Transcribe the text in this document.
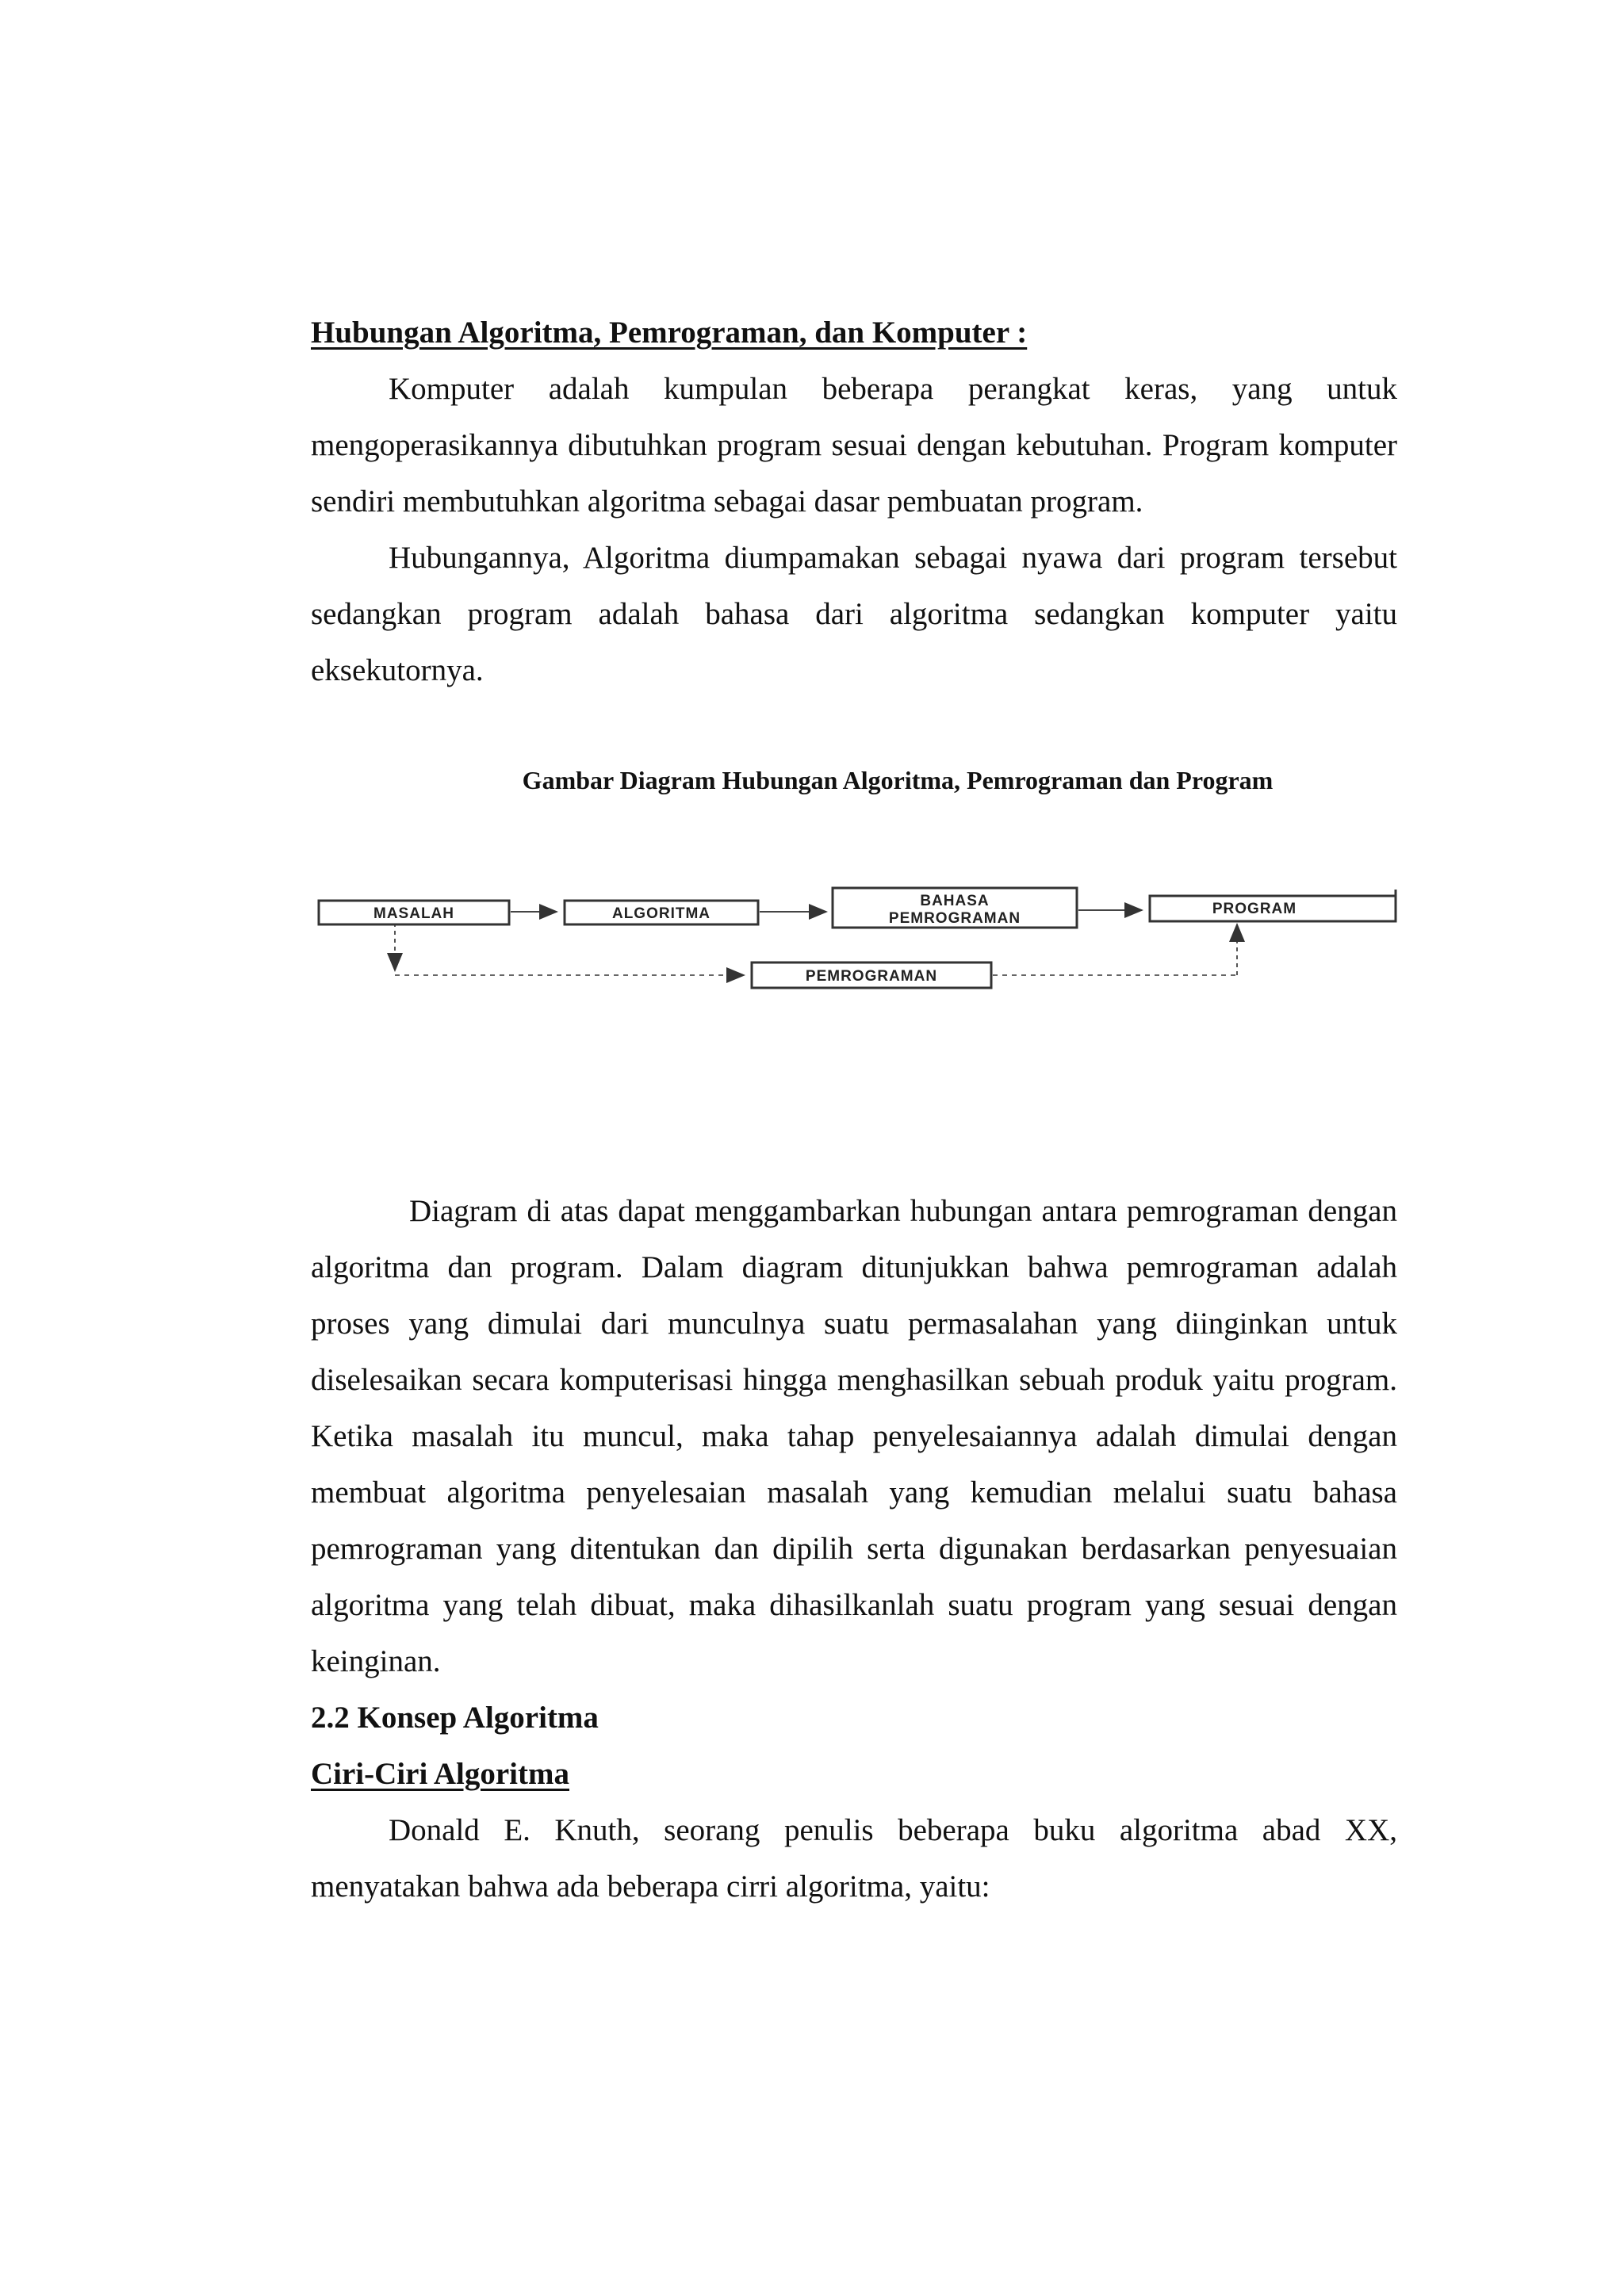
Hubungan Algoritma, Pemrograman, dan Komputer :

Komputer adalah kumpulan beberapa perangkat keras, yang untuk mengoperasikannya dibutuhkan program sesuai dengan kebutuhan. Program komputer sendiri membutuhkan algoritma sebagai dasar pembuatan program.

Hubungannya, Algoritma diumpamakan sebagai nyawa dari program tersebut sedangkan program adalah bahasa dari algoritma sedangkan komputer yaitu eksekutornya.

Gambar Diagram Hubungan Algoritma, Pemrograman dan Program
MASALAH	ALGORITMA
BAHASA
PEMROGRAMAN
PROGRAM
PEMROGRAMAN

Diagram di atas dapat menggambarkan hubungan antara pemrograman dengan algoritma dan program. Dalam diagram ditunjukkan bahwa pemrograman adalah proses yang dimulai dari munculnya suatu permasalahan yang diinginkan untuk diselesaikan secara komputerisasi hingga menghasilkan sebuah produk yaitu program. Ketika masalah itu muncul, maka tahap penyelesaiannya adalah dimulai dengan membuat algoritma penyelesaian masalah yang kemudian melalui suatu bahasa pemrograman yang ditentukan dan dipilih serta digunakan berdasarkan penyesuaian algoritma yang telah dibuat, maka dihasilkanlah suatu program yang sesuai dengan keinginan.

2.2 Konsep Algoritma

Ciri-Ciri Algoritma

Donald E. Knuth, seorang penulis beberapa buku algoritma abad XX, menyatakan bahwa ada beberapa cirri algoritma, yaitu:
